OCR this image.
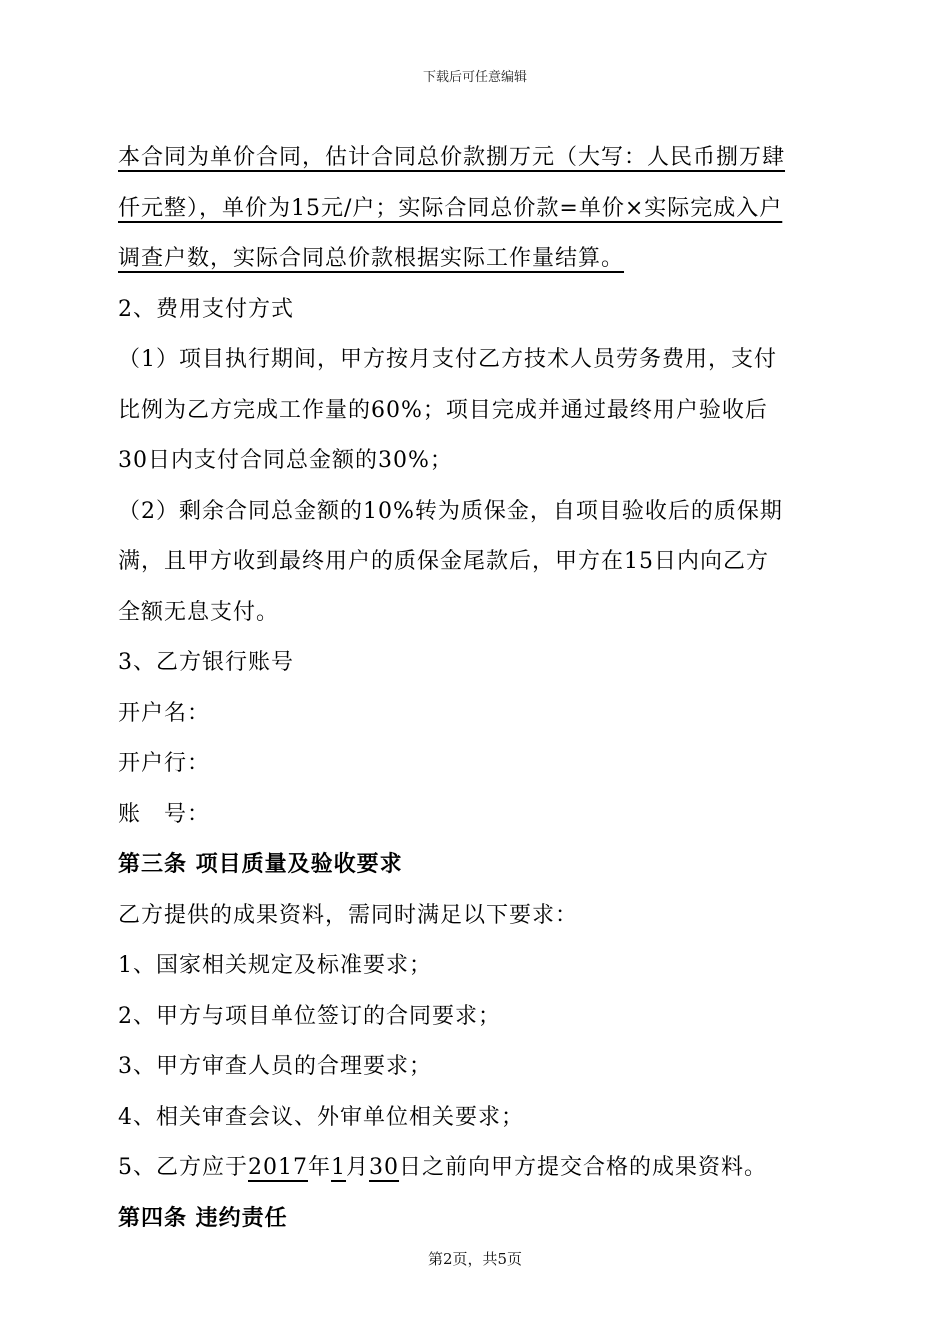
下载后可任意编辑
本合同为单价合同，估计合同总价款捌万元（大写：人民币捌万肆
仟元整），单价为15元/户；实际合同总价款=单价×实际完成入户
调查户数，实际合同总价款根据实际工作量结算。
2、费用支付方式
（1）项目执行期间，甲方按月支付乙方技术人员劳务费用，支付
比例为乙方完成工作量的60%；项目完成并通过最终用户验收后
30日内支付合同总金额的30%；
（2）剩余合同总金额的10%转为质保金，自项目验收后的质保期
满，且甲方收到最终用户的质保金尾款后，甲方在15日内向乙方
全额无息支付。
3、乙方银行账号
开户名：
开户行：
账　号：
第三条 项目质量及验收要求
乙方提供的成果资料，需同时满足以下要求：
1、国家相关规定及标准要求；
2、甲方与项目单位签订的合同要求；
3、甲方审查人员的合理要求；
4、相关审查会议、外审单位相关要求；
5、乙方应于2017年1月30日之前向甲方提交合格的成果资料。
第四条 违约责任
第2页，共5页
